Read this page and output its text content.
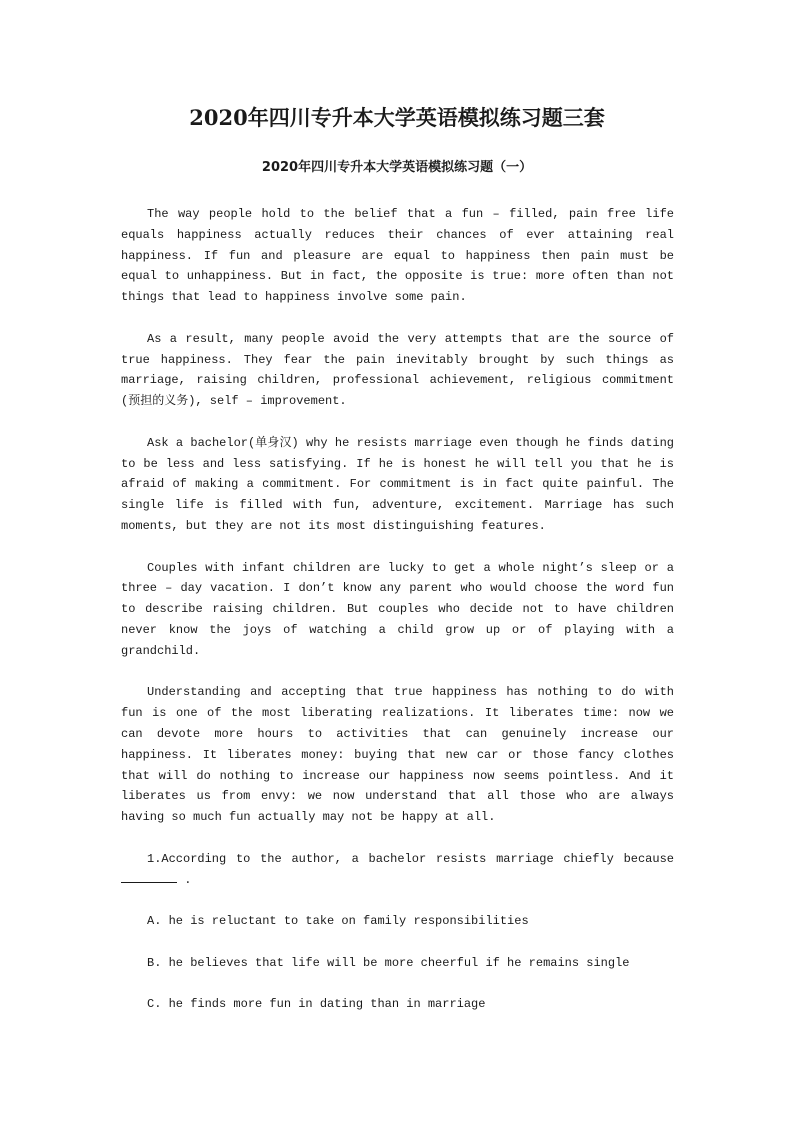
2020年四川专升本大学英语模拟练习题三套
2020年四川专升本大学英语模拟练习题（一）

The way people hold to the belief that a fun – filled, pain free life equals happiness actually reduces their chances of ever attaining real happiness. If fun and pleasure are equal to happiness then pain must be equal to unhappiness. But in fact, the opposite is true: more often than not things that lead to happiness involve some pain.

As a result, many people avoid the very attempts that are the source of true happiness. They fear the pain inevitably brought by such things as marriage, raising children, professional achievement, religious commitment (预担的义务), self – improvement.

Ask a bachelor(单身汉) why he resists marriage even though he finds dating to be less and less satisfying. If he is honest he will tell you that he is afraid of making a commitment. For commitment is in fact quite painful. The single life is filled with fun, adventure, excitement. Marriage has such moments, but they are not its most distinguishing features.

Couples with infant children are lucky to get a whole night’s sleep or a three – day vacation. I don’t know any parent who would choose the word fun to describe raising children. But couples who decide not to have children never know the joys of watching a child grow up or of playing with a grandchild.

Understanding and accepting that true happiness has nothing to do with fun is one of the most liberating realizations. It liberates time: now we can devote more hours to activities that can genuinely increase our happiness. It liberates money: buying that new car or those fancy clothes that will do nothing to increase our happiness now seems pointless. And it liberates us from envy: we now understand that all those who are always having so much fun actually may not be happy at all.

1.According to the author, a bachelor resists marriage chiefly because  .

A. he is reluctant to take on family responsibilities

B. he believes that life will be more cheerful if he remains single

C. he finds more fun in dating than in marriage
